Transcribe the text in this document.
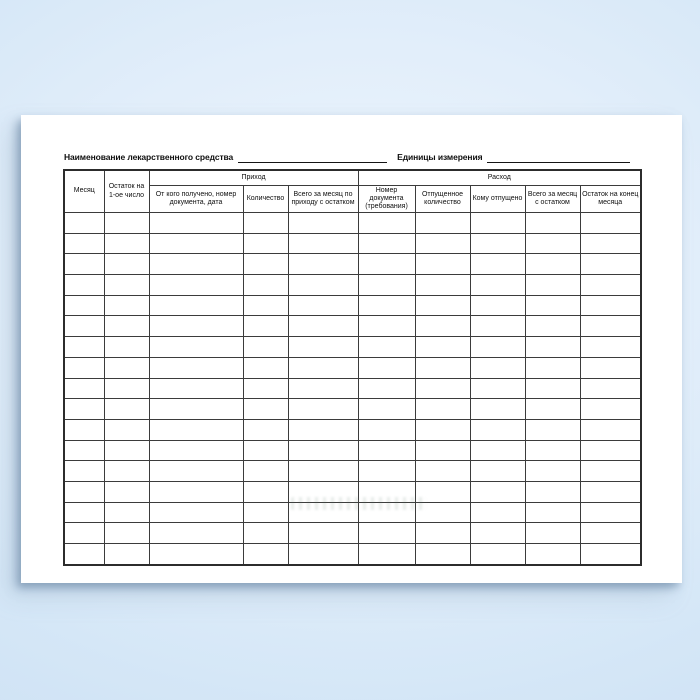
Наименование лекарственного средства	Единицы измерения
Месяц	Остаток на 1-ое число	Приход			Расход				
		От кого получено, номер документа, дата	Количество	Всего за месяц по приходу с остатком	Номер документа (требования)	Отпущенное количество	Кому отпущено	Всего за месяц с остатком	Остаток на конец месяца
